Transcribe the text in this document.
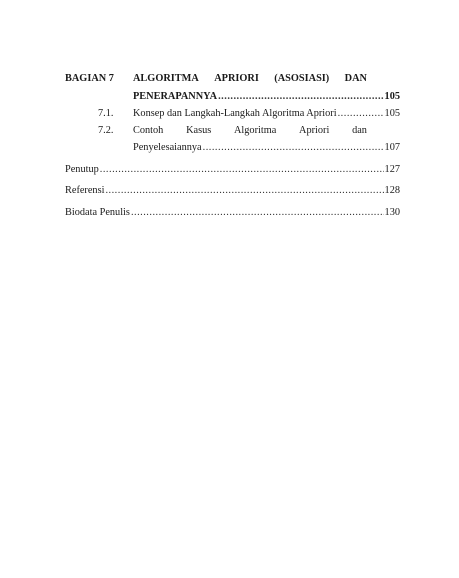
BAGIAN 7 ALGORITMA APRIORI (ASOSIASI) DAN
PENERAPANNYA .....	105
7.1. Konsep dan Langkah-Langkah Algoritma Apriori .....	105
7.2. Contoh Kasus Algoritma Apriori dan
Penyelesaiannya .....	107
Penutup .....	127
Referensi .....	128
Biodata Penulis .....	130
